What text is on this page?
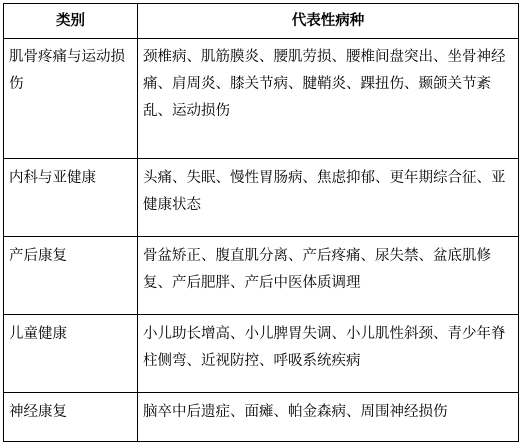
类别	代表性病种
肌骨疼痛与运动损伤	颈椎病、肌筋膜炎、腰肌劳损、腰椎间盘突出、坐骨神经痛、肩周炎、膝关节病、腱鞘炎、踝扭伤、颞颌关节紊乱、运动损伤
内科与亚健康	头痛、失眠、慢性胃肠病、焦虑抑郁、更年期综合征、亚健康状态
产后康复	骨盆矫正、腹直肌分离、产后疼痛、尿失禁、盆底肌修复、产后肥胖、产后中医体质调理
儿童健康	小儿助长增高、小儿脾胃失调、小儿肌性斜颈、青少年脊柱侧弯、近视防控、呼吸系统疾病
神经康复	脑卒中后遗症、面瘫、帕金森病、周围神经损伤
